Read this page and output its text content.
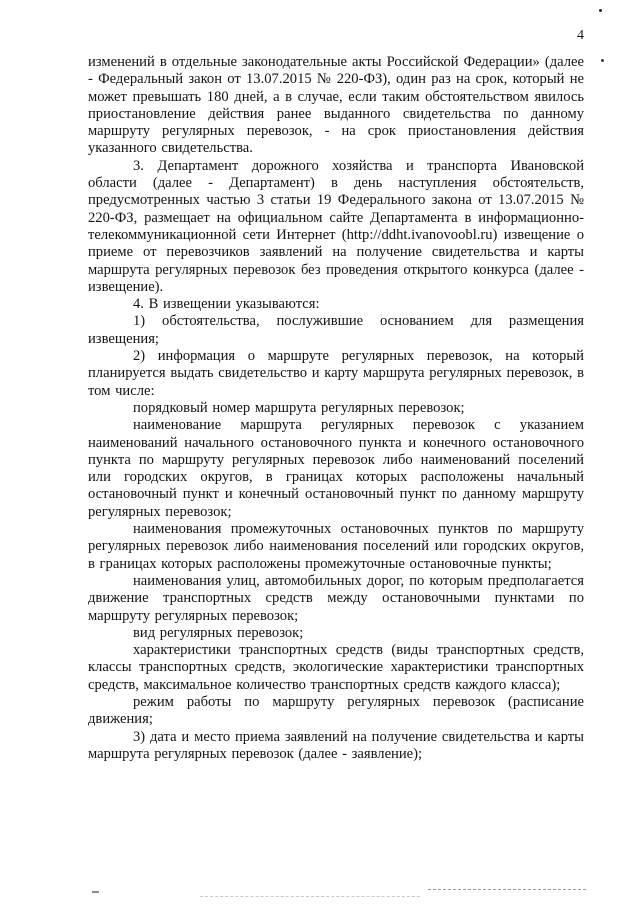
4

изменений в отдельные законодательные акты Российской Федерации» (далее - Федеральный закон от 13.07.2015 № 220-ФЗ), один раз на срок, который не может превышать 180 дней, а в случае, если таким обстоятельством явилось приостановление действия ранее выданного свидетельства по данному маршруту регулярных перевозок, - на срок приостановления действия указанного свидетельства.

3. Департамент дорожного хозяйства и транспорта Ивановской области (далее - Департамент) в день наступления обстоятельств, предусмотренных частью 3 статьи 19 Федерального закона от 13.07.2015 № 220-ФЗ, размещает на официальном сайте Департамента в информационно-телекоммуникационной сети Интернет (http://ddht.ivanovoobl.ru) извещение о приеме от перевозчиков заявлений на получение свидетельства и карты маршрута регулярных перевозок без проведения открытого конкурса (далее - извещение).

4. В извещении указываются:

1) обстоятельства, послужившие основанием для размещения извещения;

2) информация о маршруте регулярных перевозок, на который планируется выдать свидетельство и карту маршрута регулярных перевозок, в том числе:

порядковый номер маршрута регулярных перевозок;

наименование маршрута регулярных перевозок с указанием наименований начального остановочного пункта и конечного остановочного пункта по маршруту регулярных перевозок либо наименований поселений или городских округов, в границах которых расположены начальный остановочный пункт и конечный остановочный пункт по данному маршруту регулярных перевозок;

наименования промежуточных остановочных пунктов по маршруту регулярных перевозок либо наименования поселений или городских округов, в границах которых расположены промежуточные остановочные пункты;

наименования улиц, автомобильных дорог, по которым предполагается движение транспортных средств между остановочными пунктами по маршруту регулярных перевозок;

вид регулярных перевозок;

характеристики транспортных средств (виды транспортных средств, классы транспортных средств, экологические характеристики транспортных средств, максимальное количество транспортных средств каждого класса);

режим работы по маршруту регулярных перевозок (расписание движения;

3) дата и место приема заявлений на получение свидетельства и карты маршрута регулярных перевозок (далее - заявление);
